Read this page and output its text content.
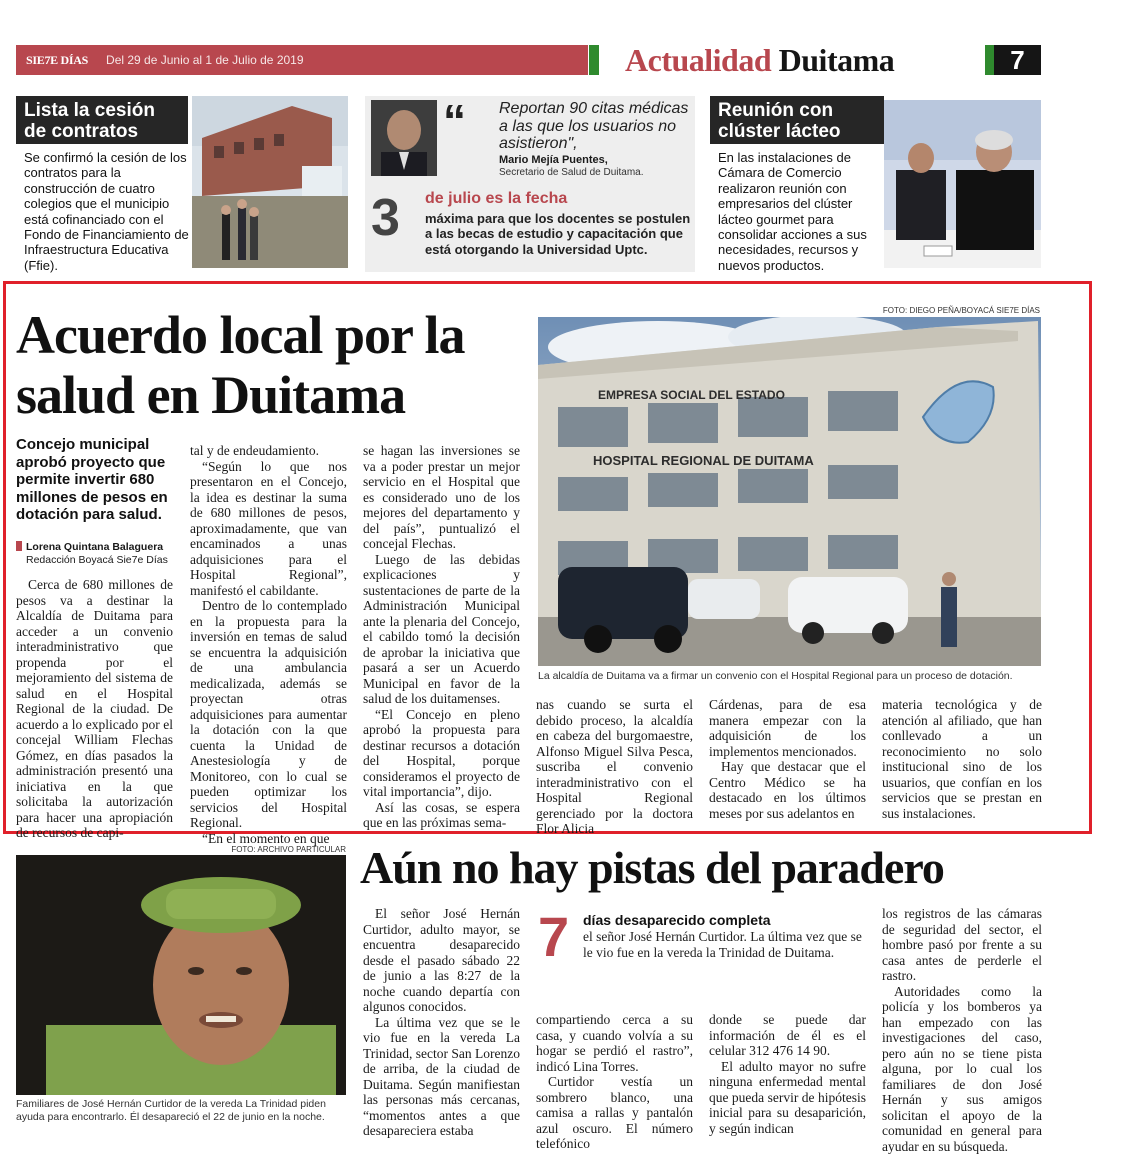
SIE7E DÍAS Del 29 de Junio al 1 de Julio de 2019	Actualidad Duitama	7
Lista la cesión de contratos
Se confirmó la cesión de los contratos para la construcción de cuatro colegios que el municipio está cofinanciado con el Fondo de Financiamiento de Infraestructura Educativa (Ffie).
“ Reportan 90 citas médicas a las que los usuarios no asistieron",
Mario Mejía Puentes,
Secretario de Salud de Duitama.
3 de julio es la fecha
máxima para que los docentes se postulen a las becas de estudio y capacitación que está otorgando la Universidad Uptc.
Reunión con clúster lácteo
En las instalaciones de Cámara de Comercio realizaron reunión con empresarios del clúster lácteo gourmet para consolidar acciones a sus necesidades, recursos y nuevos productos.
Acuerdo local por la salud en Duitama
Concejo municipal aprobó proyecto que permite invertir 680 millones de pesos en dotación para salud.
Lorena Quintana Balaguera
Redacción Boyacá Sie7e Días
FOTO: DIEGO PEÑA/BOYACÁ SIE7E DÍAS
EMPRESA SOCIAL DEL ESTADO
HOSPITAL REGIONAL DE DUITAMA
La alcaldía de Duitama va a firmar un convenio con el Hospital Regional para un proceso de dotación.

Cerca de 680 millones de pesos va a destinar la Alcaldía de Duitama para acceder a un convenio interadministrativo que propenda por el mejoramiento del sistema de salud en el Hospital Regional de la ciudad. De acuerdo a lo explicado por el concejal William Flechas Gómez, en días pasados la administración presentó una iniciativa en la que solicitaba la autorización para hacer una apropiación de recursos de capi-

tal y de endeudamiento.

“Según lo que nos presentaron en el Concejo, la idea es destinar la suma de 680 millones de pesos, aproximadamente, que van encaminados a unas adquisiciones para el Hospital Regional”, manifestó el cabildante.

Dentro de lo contemplado en la propuesta para la inversión en temas de salud se encuentra la adquisición de una ambulancia medicalizada, además se proyectan otras adquisiciones para aumentar la dotación con la que cuenta la Unidad de Anestesiología y de Monitoreo, con lo cual se pueden optimizar los servicios del Hospital Regional.

“En el momento en que

se hagan las inversiones se va a poder prestar un mejor servicio en el Hospital que es considerado uno de los mejores del departamento y del país”, puntualizó el concejal Flechas.

Luego de las debidas explicaciones y sustentaciones de parte de la Administración Municipal ante la plenaria del Concejo, el cabildo tomó la decisión de aprobar la iniciativa que pasará a ser un Acuerdo Municipal en favor de la salud de los duitamenses.

“El Concejo en pleno aprobó la propuesta para destinar recursos a dotación del Hospital, porque consideramos el proyecto de vital importancia”, dijo.

Así las cosas, se espera que en las próximas sema-

nas cuando se surta el debido proceso, la alcaldía en cabeza del burgomaestre, Alfonso Miguel Silva Pesca, suscriba el convenio interadministrativo con el Hospital Regional gerenciado por la doctora Flor Alicia

Cárdenas, para de esa manera empezar con la adquisición de los implementos mencionados.

Hay que destacar que el Centro Médico se ha destacado en los últimos meses por sus adelantos en

materia tecnológica y de atención al afiliado, que han conllevado a un reconocimiento no solo institucional sino de los usuarios, que confían en los servicios que se prestan en sus instalaciones.

FOTO: ARCHIVO PARTICULAR
Familiares de José Hernán Curtidor de la vereda La Trinidad piden ayuda para encontrarlo. Él desapareció el 22 de junio en la noche.
Aún no hay pistas del paradero
7 días desaparecido completa
el señor José Hernán Curtidor. La última vez que se le vio fue en la vereda la Trinidad de Duitama.

El señor José Hernán Curtidor, adulto mayor, se encuentra desaparecido desde el pasado sábado 22 de junio a las 8:27 de la noche cuando departía con algunos conocidos.

La última vez que se le vio fue en la vereda La Trinidad, sector San Lorenzo de arriba, de la ciudad de Duitama. Según manifiestan las personas más cercanas, “momentos antes a que desapareciera estaba

compartiendo cerca a su casa, y cuando volvía a su hogar se perdió el rastro”, indicó Lina Torres.

Curtidor vestía un sombrero blanco, una camisa a rallas y pantalón azul oscuro. El número telefónico

donde se puede dar información de él es el celular 312 476 14 90.

El adulto mayor no sufre ninguna enfermedad mental que pueda servir de hipótesis inicial para su desaparición, y según indican

los registros de las cámaras de seguridad del sector, el hombre pasó por frente a su casa antes de perderle el rastro.

Autoridades como la policía y los bomberos ya han empezado con las investigaciones del caso, pero aún no se tiene pista alguna, por lo cual los familiares de don José Hernán y sus amigos solicitan el apoyo de la comunidad en general para ayudar en su búsqueda.
